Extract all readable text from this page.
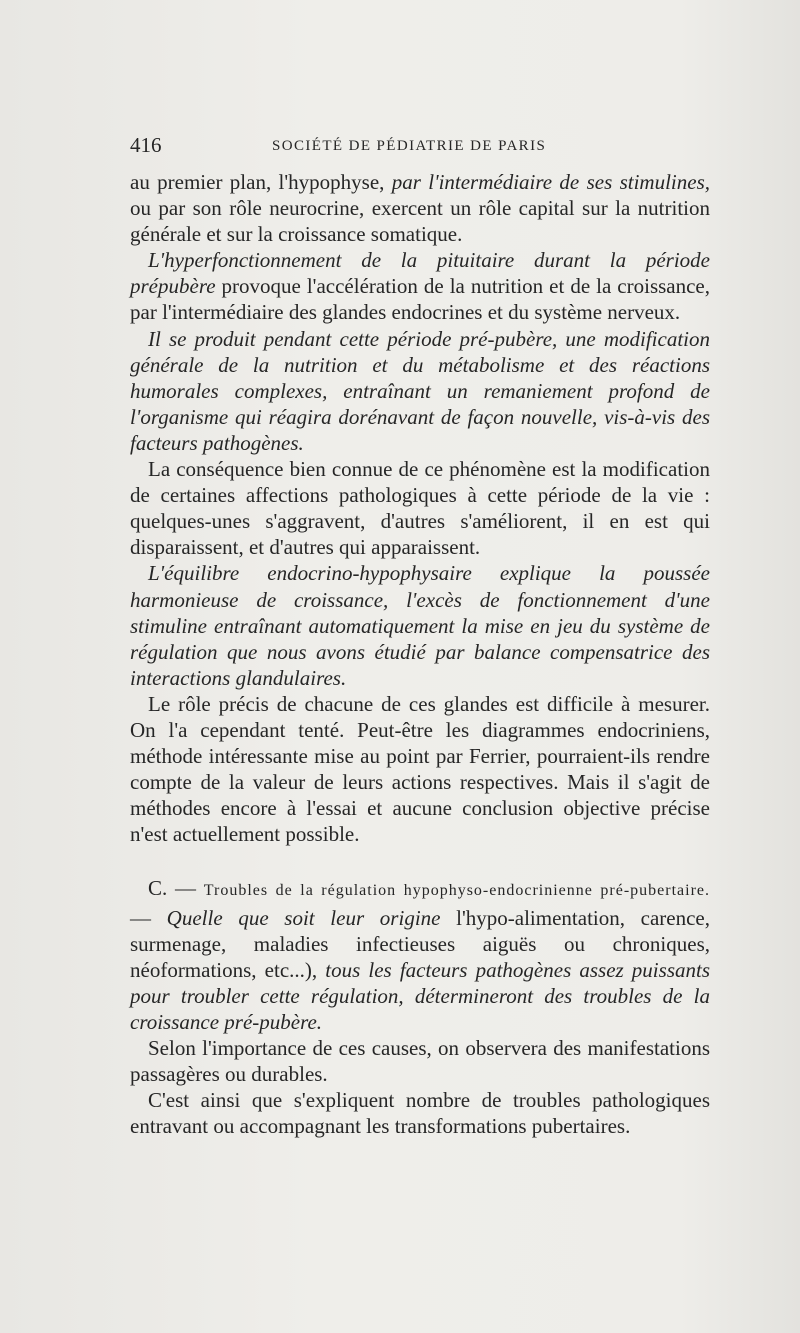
416	SOCIÉTÉ DE PÉDIATRIE DE PARIS

au premier plan, l'hypophyse, par l'intermédiaire de ses stimulines, ou par son rôle neurocrine, exercent un rôle capital sur la nutrition générale et sur la croissance somatique.

L'hyperfonctionnement de la pituitaire durant la période prépubère provoque l'accélération de la nutrition et de la croissance, par l'intermédiaire des glandes endocrines et du système nerveux.

Il se produit pendant cette période pré-pubère, une modification générale de la nutrition et du métabolisme et des réactions humorales complexes, entraînant un remaniement profond de l'organisme qui réagira dorénavant de façon nouvelle, vis-à-vis des facteurs pathogènes.

La conséquence bien connue de ce phénomène est la modification de certaines affections pathologiques à cette période de la vie : quelques-unes s'aggravent, d'autres s'améliorent, il en est qui disparaissent, et d'autres qui apparaissent.

L'équilibre endocrino-hypophysaire explique la poussée harmonieuse de croissance, l'excès de fonctionnement d'une stimuline entraînant automatiquement la mise en jeu du système de régulation que nous avons étudié par balance compensatrice des interactions glandulaires.

Le rôle précis de chacune de ces glandes est difficile à mesurer. On l'a cependant tenté. Peut-être les diagrammes endocriniens, méthode intéressante mise au point par Ferrier, pourraient-ils rendre compte de la valeur de leurs actions respectives. Mais il s'agit de méthodes encore à l'essai et aucune conclusion objective précise n'est actuellement possible.

C. — Troubles de la régulation hypophyso-endocrinienne pré-pubertaire. — Quelle que soit leur origine l'hypo-alimentation, carence, surmenage, maladies infectieuses aiguës ou chroniques, néoformations, etc...), tous les facteurs pathogènes assez puissants pour troubler cette régulation, détermineront des troubles de la croissance pré-pubère.

Selon l'importance de ces causes, on observera des manifestations passagères ou durables.

C'est ainsi que s'expliquent nombre de troubles pathologiques entravant ou accompagnant les transformations pubertaires.
